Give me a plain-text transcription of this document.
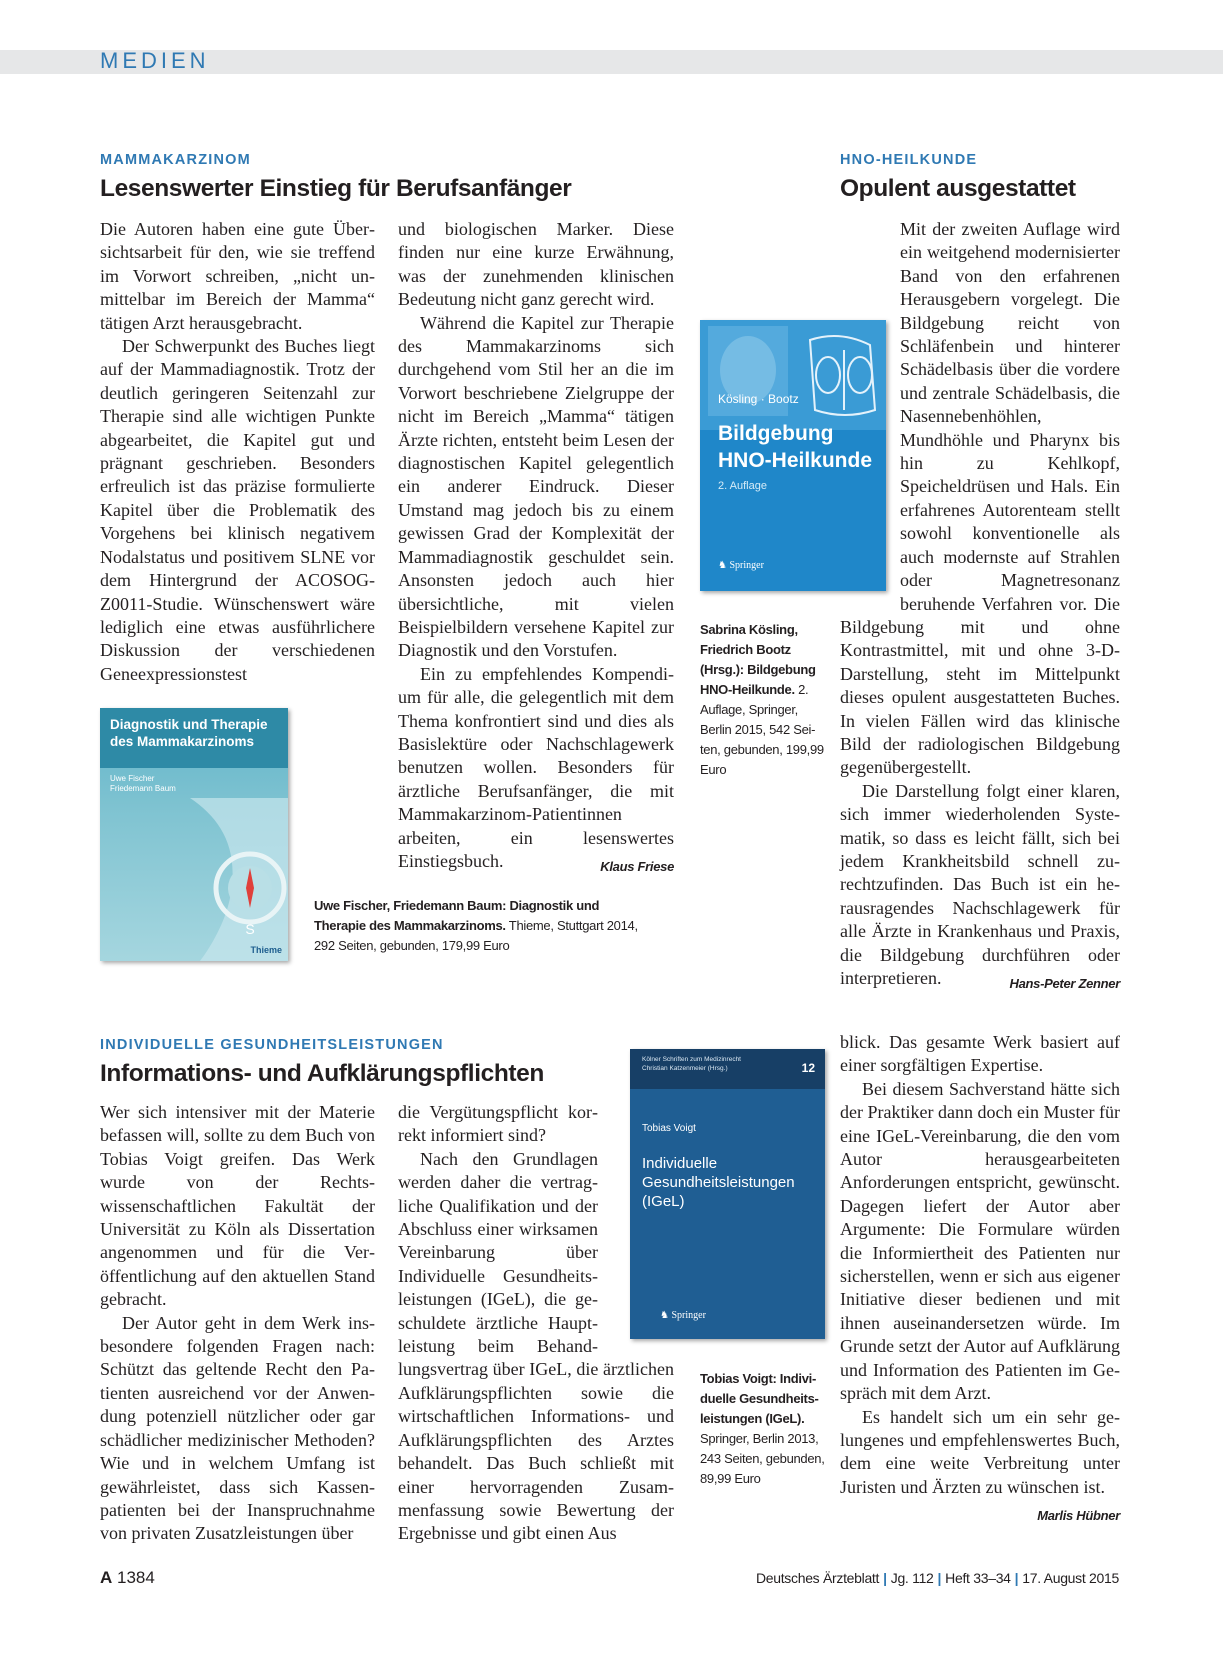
MEDIEN
MAMMAKARZINOM
Lesenswerter Einstieg für Berufsanfänger

Die Autoren haben eine gute Übersichtsarbeit für den, wie sie treffend im Vorwort schreiben, „nicht unmittelbar im Bereich der Mamma“ tätigen Arzt herausgebracht.

Der Schwerpunkt des Buches liegt auf der Mammadiagnostik. Trotz der deutlich geringeren Seitenzahl zur Therapie sind alle wichtigen Punkte abgearbeitet, die Kapitel gut und prägnant geschrieben. Besonders erfreulich ist das präzise formulierte Kapitel über die Problematik des Vorgehens bei klinisch negativem Nodalstatus und positivem SLNE vor dem Hintergrund der ACOSOG-Z0011-Studie. Wünschenswert wäre lediglich eine etwas ausführlichere Diskussion der verschiedenen Geneexpressionstest

und biologischen Marker. Diese finden nur eine kurze Erwähnung, was der zunehmenden klinischen Bedeutung nicht ganz gerecht wird.

Während die Kapitel zur Therapie des Mammakarzinoms sich durchgehend vom Stil her an die im Vorwort beschriebene Zielgruppe der nicht im Bereich „Mamma“ tätigen Ärzte richten, entsteht beim Lesen der diagnostischen Kapitel gelegentlich ein anderer Eindruck. Dieser Umstand mag jedoch bis zu einem gewissen Grad der Komplexität der Mammadiagnostik geschuldet sein. Ansonsten jedoch auch hier übersichtliche, mit vielen Beispielbildern versehene Kapitel zur Diagnostik und den Vorstufen.

Ein zu empfehlendes Kompendium für alle, die gelegentlich mit dem Thema konfrontiert sind und dies als Basislektüre oder Nachschlagewerk benutzen wollen. Besonders für ärztliche Berufsanfänger, die mit Mammakarzinom-Patientinnen arbeiten, ein lesenswertes Einstiegsbuch.	Klaus Friese

Diagnostik und Therapie
des Mammakarzinoms
Uwe Fischer
Friedemann Baum
S
Thieme
Uwe Fischer, Friedemann Baum: Diagnostik und Therapie des Mammakarzinoms. Thieme, Stuttgart 2014, 292 Seiten, gebunden, 179,99 Euro
HNO-HEILKUNDE
Opulent ausgestattet

Mit der zweiten Auflage wird ein weitgehend modernisierter Band von den erfahrenen Herausgebern vorgelegt. Die Bildgebung reicht von Schläfenbein und hinterer Schädelbasis über die vordere und zentrale Schädelbasis, die Nasennebenhöhlen, Mundhöhle und Pharynx bis hin zu Kehlkopf, Speicheldrüsen und Hals. Ein erfahrenes Autorenteam stellt sowohl konventionelle als auch modernste auf Strahlen oder Magnetresonanz beruhende Verfahren vor. Die Bildgebung mit und ohne Kontrastmittel, mit und ohne 3-D-Darstellung, steht im Mittelpunkt dieses opulent ausgestatteten Buches. In vielen Fällen wird das klinische Bild der radiologischen Bildgebung gegenübergestellt.

Die Darstellung folgt einer klaren, sich immer wiederholenden Systematik, so dass es leicht fällt, sich bei jedem Krankheitsbild schnell zurechtzufinden. Das Buch ist ein herausragendes Nachschlagewerk für alle Ärzte in Krankenhaus und Praxis, die Bildgebung durchführen oder interpretieren.	Hans-Peter Zenner

Kösling · Bootz
Bildgebung
HNO-Heilkunde
2. Auflage
♞ Springer
Sabrina Kösling, Friedrich Bootz (Hrsg.): Bildgebung HNO-Heilkunde. 2. Auflage, Springer, Berlin 2015, 542 Seiten, gebunden, 199,99 Euro
INDIVIDUELLE GESUNDHEITSLEISTUNGEN
Informations- und Aufklärungspflichten

Wer sich intensiver mit der Materie befassen will, sollte zu dem Buch von Tobias Voigt greifen. Das Werk wurde von der Rechtswissenschaftlichen Fakultät der Universität zu Köln als Dissertation angenommen und für die Veröffentlichung auf den aktuellen Stand gebracht.

Der Autor geht in dem Werk insbesondere folgenden Fragen nach: Schützt das geltende Recht den Patienten ausreichend vor der Anwendung potenziell nützlicher oder gar schädlicher medizinischer Methoden? Wie und in welchem Umfang ist gewährleistet, dass sich Kassenpatienten bei der Inanspruchnahme von privaten Zusatzleistungen über

die Vergütungspflicht korrekt informiert sind?

Nach den Grundlagen werden daher die vertragliche Qualifikation und der Abschluss einer wirksamen Vereinbarung über Individuelle Gesundheitsleistungen (IGeL), die geschuldete ärztliche Hauptleistung beim Behandlungsvertrag über IGeL, die ärztlichen Aufklärungspflichten sowie die wirtschaftlichen Informations- und Aufklärungspflichten des Arztes behandelt. Das Buch schließt mit einer hervorragenden Zusammenfassung sowie Bewertung der Ergebnisse und gibt einen Aus

blick. Das gesamte Werk basiert auf einer sorgfältigen Expertise.

Bei diesem Sachverstand hätte sich der Praktiker dann doch ein Muster für eine IGeL-Vereinbarung, die den vom Autor herausgearbeiteten Anforderungen entspricht, gewünscht. Dagegen liefert der Autor aber Argumente: Die Formulare würden die Informiertheit des Patienten nur sicherstellen, wenn er sich aus eigener Initiative dieser bedienen und mit ihnen auseinandersetzen würde. Im Grunde setzt der Autor auf Aufklärung und Information des Patienten im Gespräch mit dem Arzt.

Es handelt sich um ein sehr gelungenes und empfehlenswertes Buch, dem eine weite Verbreitung unter Juristen und Ärzten zu wünschen ist.
Marlis Hübner

Kölner Schriften zum Medizinrecht
Christian Katzenmeier (Hrsg.)	12
Tobias Voigt
Individuelle
Gesundheitsleistungen
(IGeL)
♞ Springer
Tobias Voigt: Individuelle Gesundheitsleistungen (IGeL). Springer, Berlin 2013, 243 Seiten, gebunden, 89,99 Euro
A 1384	Deutsches Ärzteblatt | Jg. 112 | Heft 33–34 | 17. August 2015
